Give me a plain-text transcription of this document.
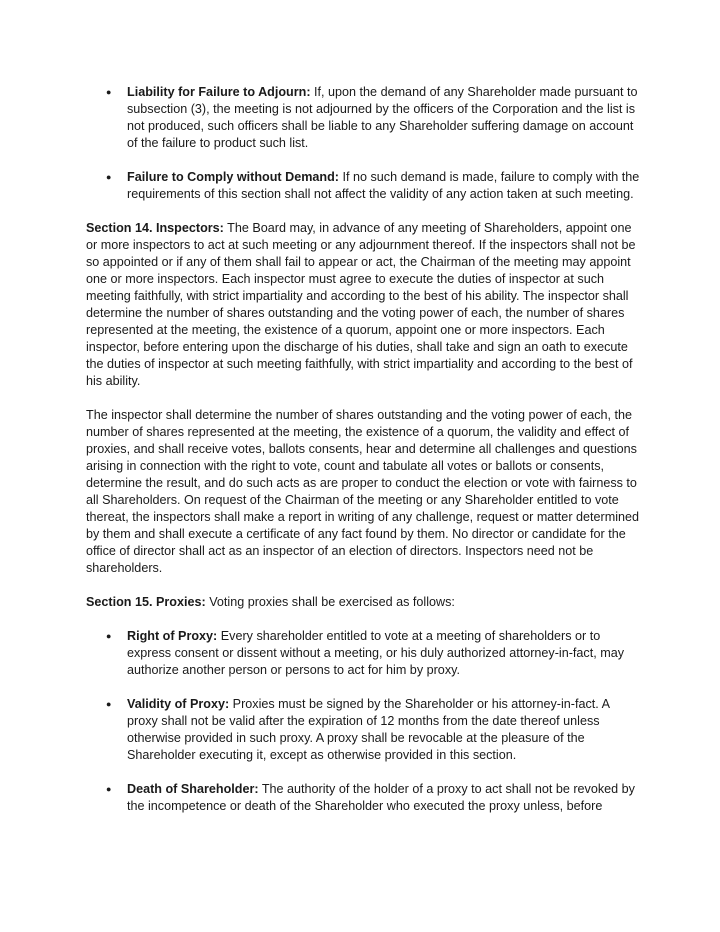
● Liability for Failure to Adjourn: If, upon the demand of any Shareholder made pursuant to subsection (3), the meeting is not adjourned by the officers of the Corporation and the list is not produced, such officers shall be liable to any Shareholder suffering damage on account of the failure to product such list.
● Failure to Comply without Demand: If no such demand is made, failure to comply with the requirements of this section shall not affect the validity of any action taken at such meeting.

Section 14. Inspectors: The Board may, in advance of any meeting of Shareholders, appoint one or more inspectors to act at such meeting or any adjournment thereof. If the inspectors shall not be so appointed or if any of them shall fail to appear or act, the Chairman of the meeting may appoint one or more inspectors. Each inspector must agree to execute the duties of inspector at such meeting faithfully, with strict impartiality and according to the best of his ability. The inspector shall determine the number of shares outstanding and the voting power of each, the number of shares represented at the meeting, the existence of a quorum, appoint one or more inspectors. Each inspector, before entering upon the discharge of his duties, shall take and sign an oath to execute the duties of inspector at such meeting faithfully, with strict impartiality and according to the best of his ability.

The inspector shall determine the number of shares outstanding and the voting power of each, the number of shares represented at the meeting, the existence of a quorum, the validity and effect of proxies, and shall receive votes, ballots consents, hear and determine all challenges and questions arising in connection with the right to vote, count and tabulate all votes or ballots or consents, determine the result, and do such acts as are proper to conduct the election or vote with fairness to all Shareholders. On request of the Chairman of the meeting or any Shareholder entitled to vote thereat, the inspectors shall make a report in writing of any challenge, request or matter determined by them and shall execute a certificate of any fact found by them. No director or candidate for the office of director shall act as an inspector of an election of directors. Inspectors need not be shareholders.

Section 15. Proxies: Voting proxies shall be exercised as follows:

● Right of Proxy: Every shareholder entitled to vote at a meeting of shareholders or to express consent or dissent without a meeting, or his duly authorized attorney-in-fact, may authorize another person or persons to act for him by proxy.
● Validity of Proxy: Proxies must be signed by the Shareholder or his attorney-in-fact. A proxy shall not be valid after the expiration of 12 months from the date thereof unless otherwise provided in such proxy. A proxy shall be revocable at the pleasure of the Shareholder executing it, except as otherwise provided in this section.
● Death of Shareholder: The authority of the holder of a proxy to act shall not be revoked by the incompetence or death of the Shareholder who executed the proxy unless, before
